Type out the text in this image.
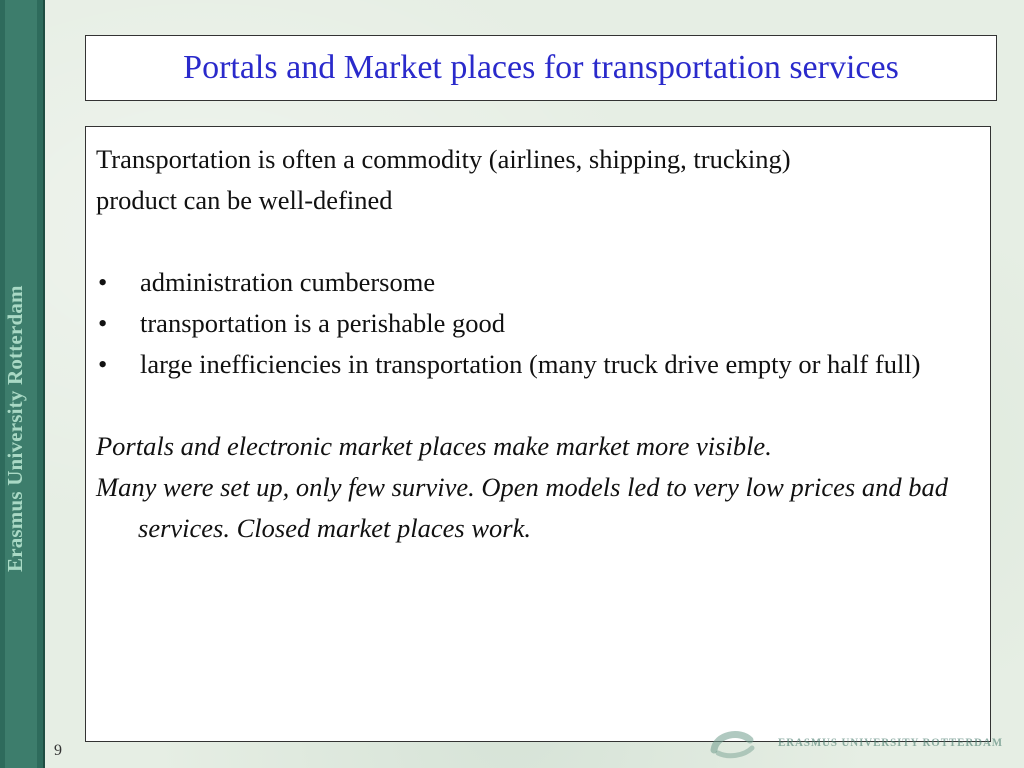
Erasmus University Rotterdam
Portals and Market places for transportation services

Transportation is often a commodity (airlines, shipping, trucking)

product can be well-defined

•	administration cumbersome
•	transportation is a perishable good
•	large inefficiencies in transportation (many truck drive empty or half full)

Portals and electronic market places make market more visible.

Many were set up, only few survive. Open models led to very low prices and bad services. Closed market places work.

9	ERASMUS UNIVERSITY ROTTERDAM
